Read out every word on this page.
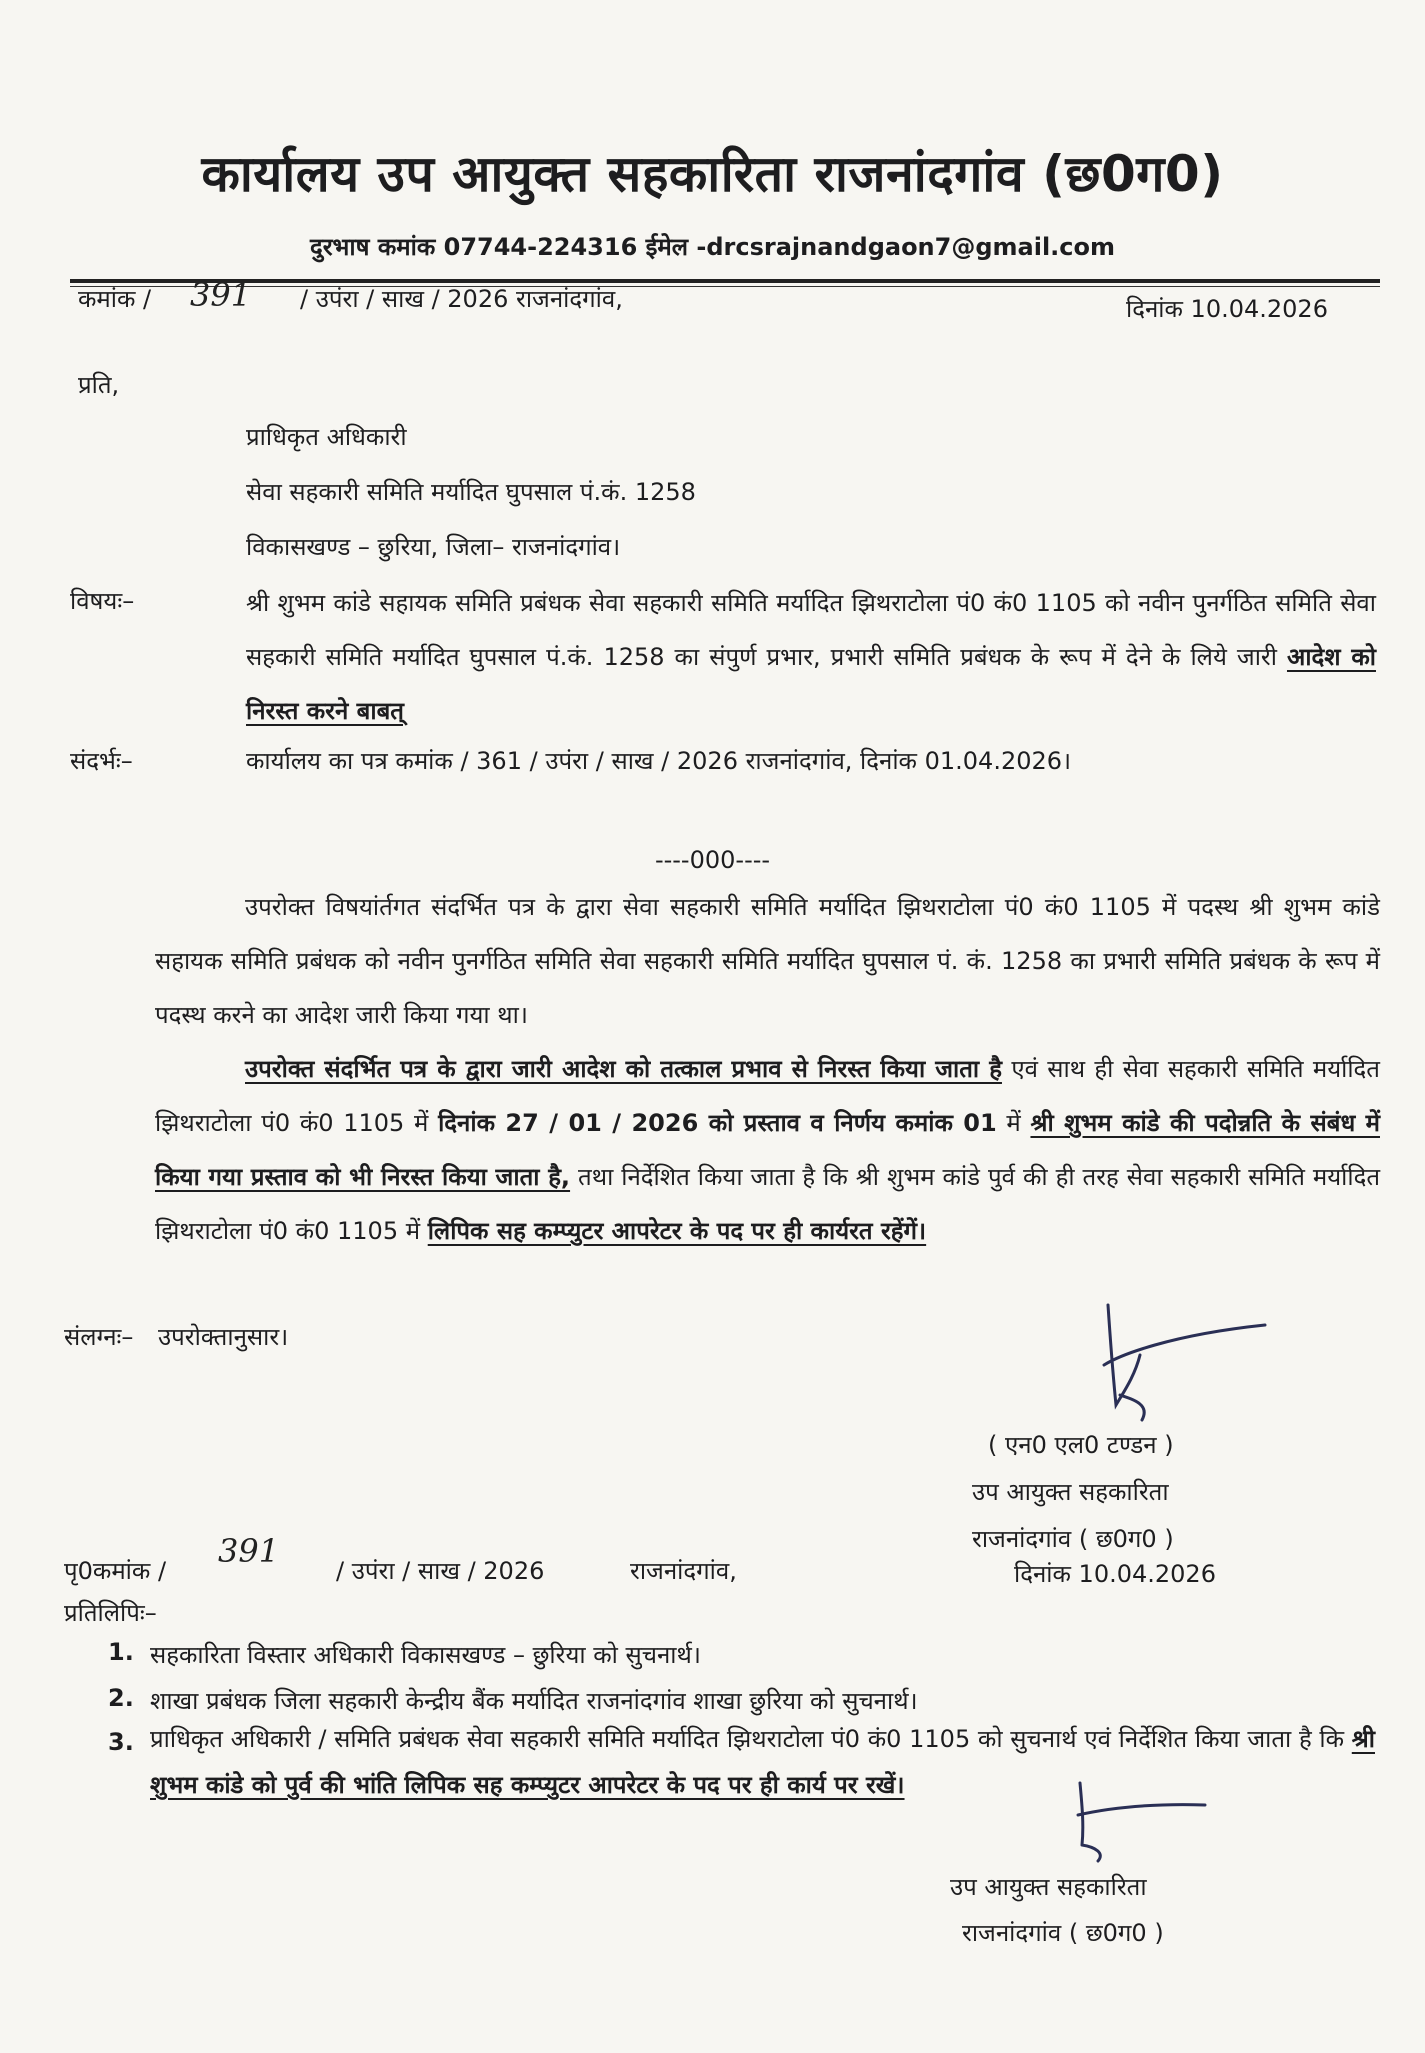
कार्यालय उप आयुक्त सहकारिता राजनांदगांव (छ0ग0)
दुरभाष कमांक 07744-224316 ईमेल -drcsrajnandgaon7@gmail.com
कमांक / 391 / उपंरा / साख / 2026 राजनांदगांव,	दिनांक 10.04.2026
प्रति,
प्राधिकृत अधिकारी
सेवा सहकारी समिति मर्यादित घुपसाल पं.कं. 1258
विकासखण्ड – छुरिया, जिला– राजनांदगांव।
विषयः–	श्री शुभम कांडे सहायक समिति प्रबंधक सेवा सहकारी समिति मर्यादित झिथराटोला पं0 कं0 1105 को नवीन पुनर्गठित समिति सेवा सहकारी समिति मर्यादित घुपसाल पं.कं. 1258 का संपुर्ण प्रभार, प्रभारी समिति प्रबंधक के रूप में देने के लिये जारी आदेश को निरस्त करने बाबत्
संदर्भः–	कार्यालय का पत्र कमांक / 361 / उपंरा / साख / 2026 राजनांदगांव, दिनांक 01.04.2026।
----000----
उपरोक्त विषयांर्तगत संदर्भित पत्र के द्वारा सेवा सहकारी समिति मर्यादित झिथराटोला पं0 कं0 1105 में पदस्थ श्री शुभम कांडे सहायक समिति प्रबंधक को नवीन पुनर्गठित समिति सेवा सहकारी समिति मर्यादित घुपसाल पं. कं. 1258 का प्रभारी समिति प्रबंधक के रूप में पदस्थ करने का आदेश जारी किया गया था।
उपरोक्त संदर्भित पत्र के द्वारा जारी आदेश को तत्काल प्रभाव से निरस्त किया जाता है एवं साथ ही सेवा सहकारी समिति मर्यादित झिथराटोला पं0 कं0 1105 में दिनांक 27 / 01 / 2026 को प्रस्ताव व निर्णय कमांक 01 में श्री शुभम कांडे की पदोन्नति के संबंध में किया गया प्रस्ताव को भी निरस्त किया जाता है, तथा निर्देशित किया जाता है कि श्री शुभम कांडे पुर्व की ही तरह सेवा सहकारी समिति मर्यादित झिथराटोला पं0 कं0 1105 में लिपिक सह कम्प्युटर आपरेटर के पद पर ही कार्यरत रहेंगें।
संलग्नः– उपरोक्तानुसार।
( एन0 एल0 टण्डन )
उप आयुक्त सहकारिता
राजनांदगांव ( छ0ग0 )
पृ0कमांक /
391
/ उपंरा / साख / 2026	राजनांदगांव,	दिनांक 10.04.2026
प्रतिलिपिः–
1. सहकारिता विस्तार अधिकारी विकासखण्ड – छुरिया को सुचनार्थ।
2. शाखा प्रबंधक जिला सहकारी केन्द्रीय बैंक मर्यादित राजनांदगांव शाखा छुरिया को सुचनार्थ।
3. प्राधिकृत अधिकारी / समिति प्रबंधक सेवा सहकारी समिति मर्यादित झिथराटोला पं0 कं0 1105 को सुचनार्थ एवं निर्देशित किया जाता है कि श्री शुभम कांडे को पुर्व की भांति लिपिक सह कम्प्युटर आपरेटर के पद पर ही कार्य पर रखें।
उप आयुक्त सहकारिता
राजनांदगांव ( छ0ग0 )
